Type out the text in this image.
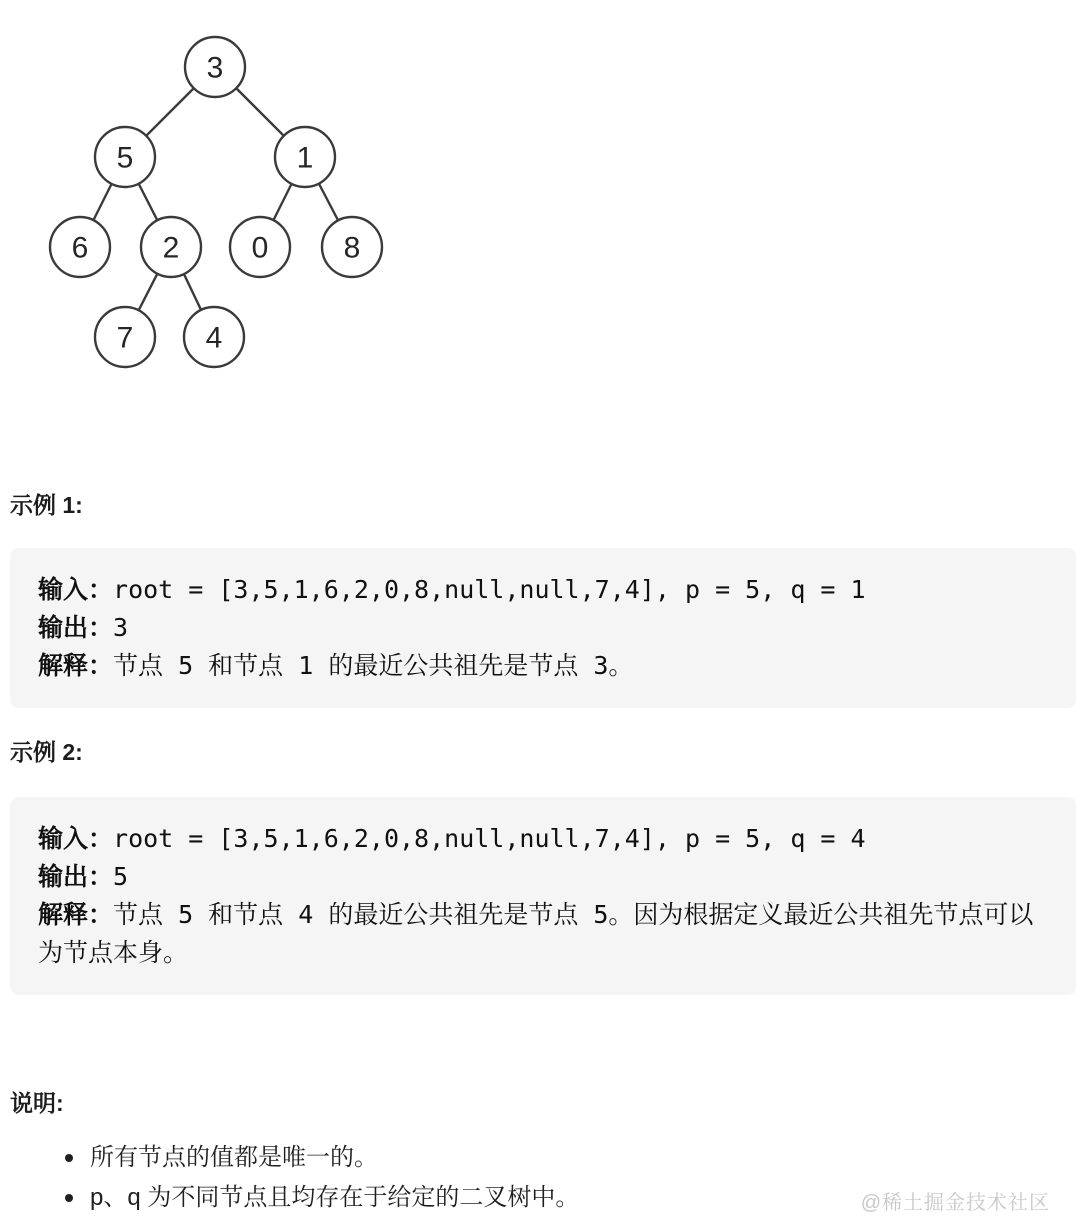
3
5	1
6 2 0	8
7 4
示例 1:
输入：root = [3,5,1,6,2,0,8,null,null,7,4], p = 5, q = 1
输出：3
解释：节点 5 和节点 1 的最近公共祖先是节点 3。
示例 2:
输入：root = [3,5,1,6,2,0,8,null,null,7,4], p = 5, q = 4
输出：5
解释：节点 5 和节点 4 的最近公共祖先是节点 5。因为根据定义最近公共祖先节点可以为节点本身。
说明:
所有节点的值都是唯一的。
p、q 为不同节点且均存在于给定的二叉树中。	@稀土掘金技术社区
